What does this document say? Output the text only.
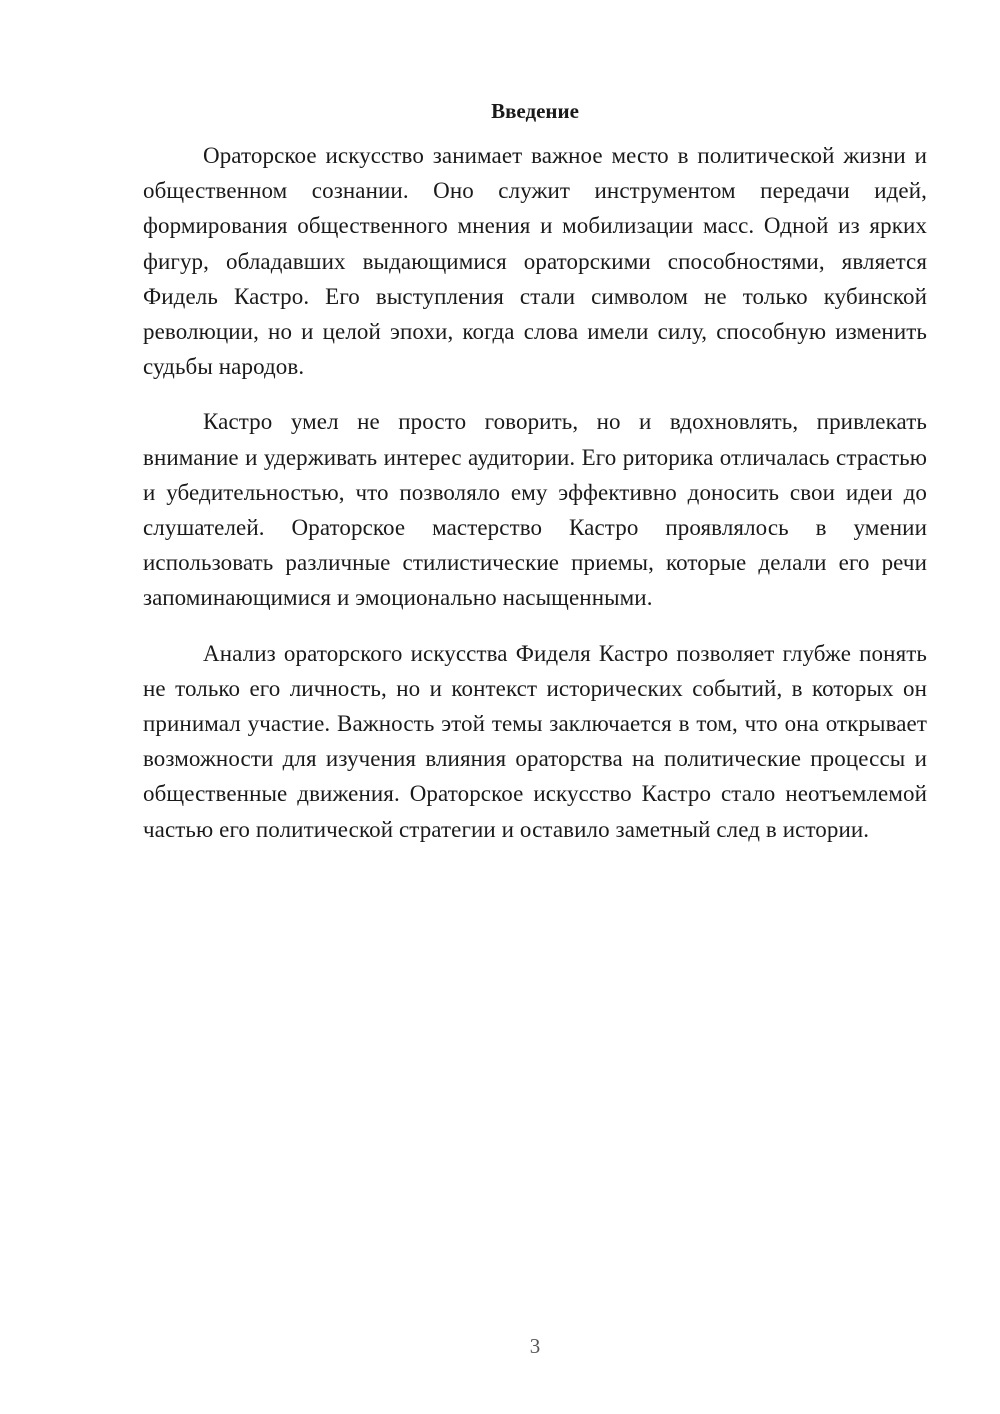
Введение

Ораторское искусство занимает важное место в политической жизни и общественном сознании. Оно служит инструментом передачи идей, формирования общественного мнения и мобилизации масс. Одной из ярких фигур, обладавших выдающимися ораторскими способностями, является Фидель Кастро. Его выступления стали символом не только кубинской революции, но и целой эпохи, когда слова имели силу, способную изменить судьбы народов.

Кастро умел не просто говорить, но и вдохновлять, привлекать внимание и удерживать интерес аудитории. Его риторика отличалась страстью и убедительностью, что позволяло ему эффективно доносить свои идеи до слушателей. Ораторское мастерство Кастро проявлялось в умении использовать различные стилистические приемы, которые делали его речи запоминающимися и эмоционально насыщенными.

Анализ ораторского искусства Фиделя Кастро позволяет глубже понять не только его личность, но и контекст исторических событий, в которых он принимал участие. Важность этой темы заключается в том, что она открывает возможности для изучения влияния ораторства на политические процессы и общественные движения. Ораторское искусство Кастро стало неотъемлемой частью его политической стратегии и оставило заметный след в истории.

3
